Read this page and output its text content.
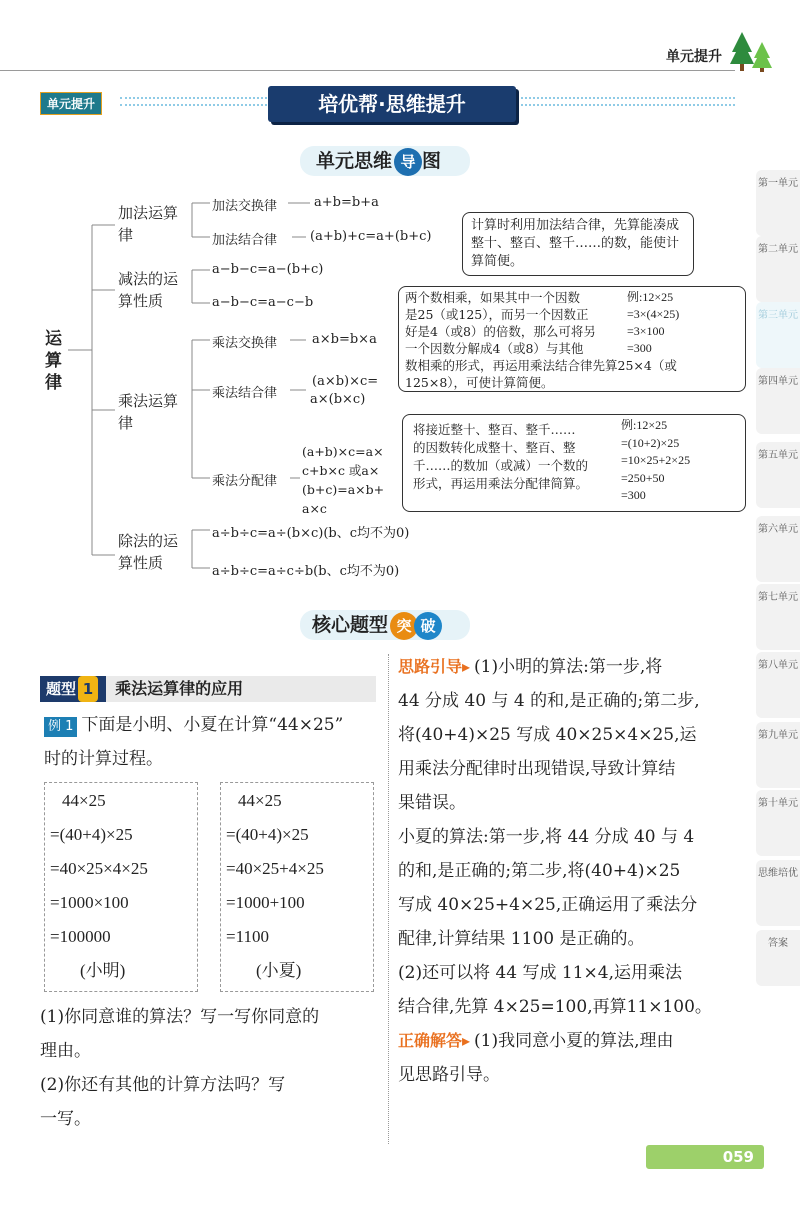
单元提升
单元提升	培优帮·思维提升
单元思维 导 图
运算律
加法运算律
减法的运算性质
乘法运算律
除法的运算性质
加法交换律	a+b=b+a
加法结合律	(a+b)+c=a+(b+c)
计算时利用加法结合律，先算能凑成整十、整百、整千……的数，能使计算简便。
a−b−c=a−(b+c)
a−b−c=a−c−b	两个数相乘，如果其中一个因数
是25（或125），而另一个因数正
好是4（或8）的倍数，那么可将另
一个因数分解成4（或8）与其他
例:12×25
=3×(4×25)
=3×100
=300
数相乘的形式，再运用乘法结合律先算25×4（或
125×8），可使计算简便。
乘法交换律	a×b=b×a
乘法结合律
(a×b)×c=
a×(b×c)
乘法分配律
(a+b)×c=a×
c+b×c 或a×
(b+c)=a×b+
a×c
将接近整十、整百、整千……
的因数转化成整十、整百、整
千……的数加（或减）一个数的
形式，再运用乘法分配律简算。
例:12×25
=(10+2)×25
=10×25+2×25
=250+50
=300
a÷b÷c=a÷(b×c)(b、c均不为0)
a÷b÷c=a÷c÷b(b、c均不为0)
核心题型 突 破
题型 1 乘法运算律的应用
例 1 下面是小明、小夏在计算“44×25”
时的计算过程。
44×25
=(40+4)×25
=40×25×4×25
=1000×100
=100000
(小明)
44×25
=(40+4)×25
=40×25+4×25
=1000+100
=1100
(小夏)
(1)你同意谁的算法？写一写你同意的
理由。
(2)你还有其他的计算方法吗？写
一写。
思路引导▸ (1)小明的算法:第一步,将
44 分成 40 与 4 的和,是正确的;第二步,
将(40+4)×25 写成 40×25×4×25,运
用乘法分配律时出现错误,导致计算结
果错误。
小夏的算法:第一步,将 44 分成 40 与 4
的和,是正确的;第二步,将(40+4)×25
写成 40×25+4×25,正确运用了乘法分
配律,计算结果 1100 是正确的。
(2)还可以将 44 写成 11×4,运用乘法
结合律,先算 4×25=100,再算11×100。
正确解答▸ (1)我同意小夏的算法,理由
见思路引导。
第一单元
第二单元
第三单元
第四单元
第五单元
第六单元
第七单元
第八单元
第九单元
第十单元
思维培优
答案
059
